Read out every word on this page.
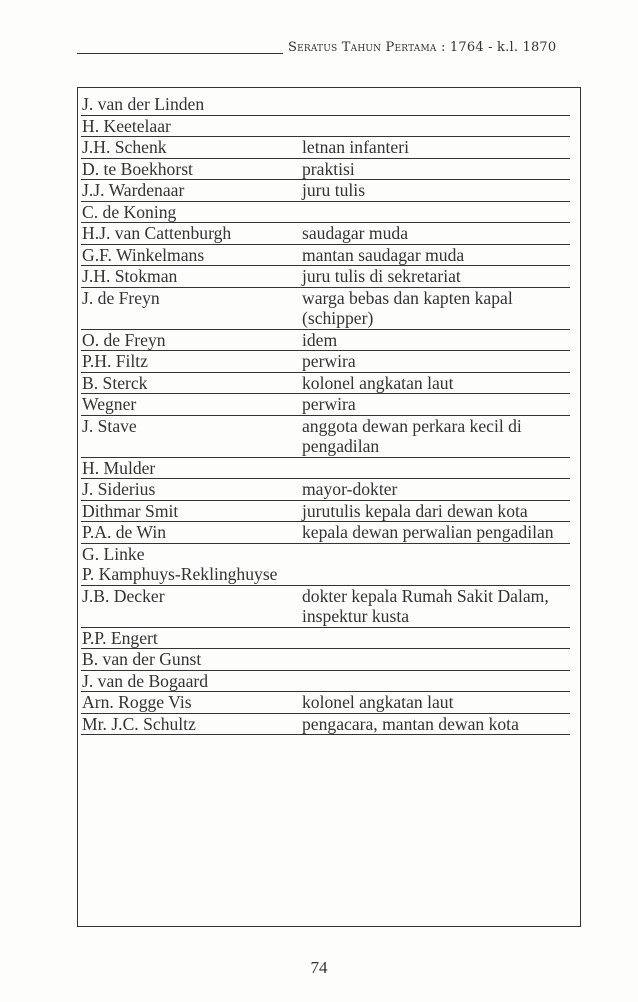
Seratus Tahun Pertama : 1764 - k.l. 1870
J. van der Linden	
H. Keetelaar	
J.H. Schenk	letnan infanteri
D. te Boekhorst	praktisi
J.J. Wardenaar	juru tulis
C. de Koning	
H.J. van Cattenburgh	saudagar muda
G.F. Winkelmans	mantan saudagar muda
J.H. Stokman	juru tulis di sekretariat
J. de Freyn	warga bebas dan kapten kapal (schipper)
O. de Freyn	idem
P.H. Filtz	perwira
B. Sterck	kolonel angkatan laut
Wegner	perwira
J. Stave	anggota dewan perkara kecil di pengadilan
H. Mulder	
J. Siderius	mayor-dokter
Dithmar Smit	jurutulis kepala dari dewan kota
P.A. de Win	kepala dewan perwalian pengadilan
G. Linke	
P. Kamphuys-Reklinghuyse	
J.B. Decker	dokter kepala Rumah Sakit Dalam, inspektur kusta
P.P. Engert	
B. van der Gunst	
J. van de Bogaard	
Arn. Rogge Vis	kolonel angkatan laut
Mr. J.C. Schultz	pengacara, mantan dewan kota
74
